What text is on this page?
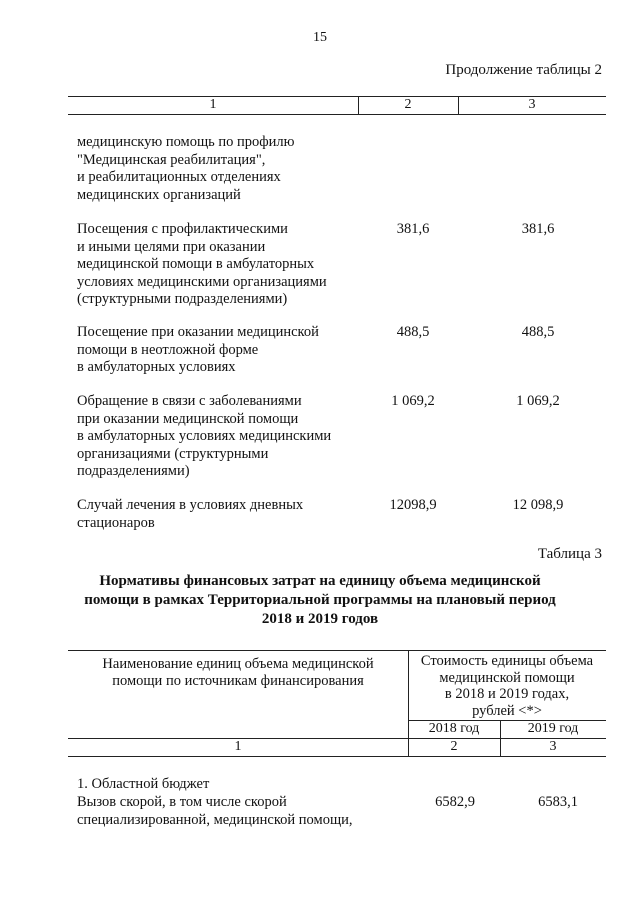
15
Продолжение таблицы 2
1	2	3
медицинскую помощь по профилю
"Медицинская реабилитация",
и реабилитационных отделениях
медицинских организаций
Посещения с профилактическими
и иными целями при оказании
медицинской помощи в амбулаторных
условиях медицинскими организациями
(структурными подразделениями)
381,6	381,6
Посещение при оказании медицинской
помощи в неотложной форме
в амбулаторных условиях
488,5	488,5
Обращение в связи с заболеваниями
при оказании медицинской помощи
в амбулаторных условиях медицинскими
организациями (структурными
подразделениями)
1 069,2	1 069,2
Случай лечения в условиях дневных
стационаров
12098,9	12 098,9
Таблица 3
Нормативы финансовых затрат на единицу объема медицинской
помощи в рамках Территориальной программы на плановый период
2018 и 2019 годов
Наименование единиц объема медицинской
помощи по источникам финансирования
Стоимость единицы объема
медицинской помощи
в 2018 и 2019 годах,
рублей <*>
2018 год	2019 год
1	2	3
1. Областной бюджет
Вызов скорой, в том числе скорой
специализированной, медицинской помощи,
6582,9	6583,1
